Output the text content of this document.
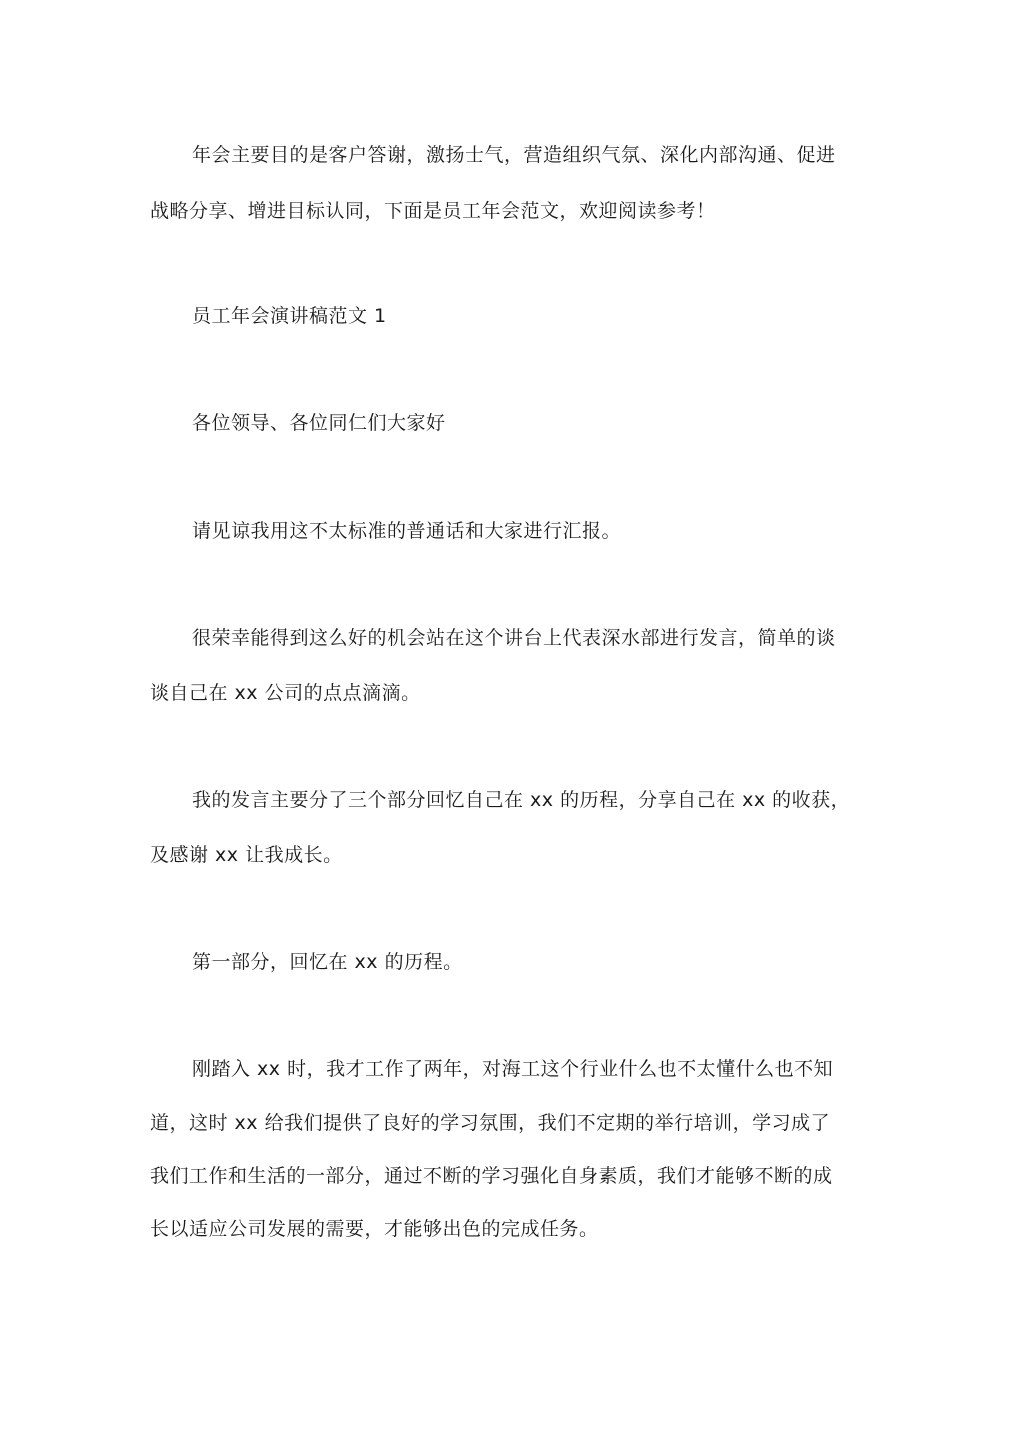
年会主要目的是客户答谢，激扬士气，营造组织气氛、深化内部沟通、促进
战略分享、增进目标认同，下面是员工年会范文，欢迎阅读参考！
员工年会演讲稿范文 1
各位领导、各位同仁们大家好
请见谅我用这不太标准的普通话和大家进行汇报。
很荣幸能得到这么好的机会站在这个讲台上代表深水部进行发言，简单的谈
谈自己在 xx 公司的点点滴滴。
我的发言主要分了三个部分回忆自己在 xx 的历程，分享自己在 xx 的收获，
及感谢 xx 让我成长。
第一部分，回忆在 xx 的历程。
刚踏入 xx 时，我才工作了两年，对海工这个行业什么也不太懂什么也不知
道，这时 xx 给我们提供了良好的学习氛围，我们不定期的举行培训，学习成了
我们工作和生活的一部分，通过不断的学习强化自身素质，我们才能够不断的成
长以适应公司发展的需要，才能够出色的完成任务。
